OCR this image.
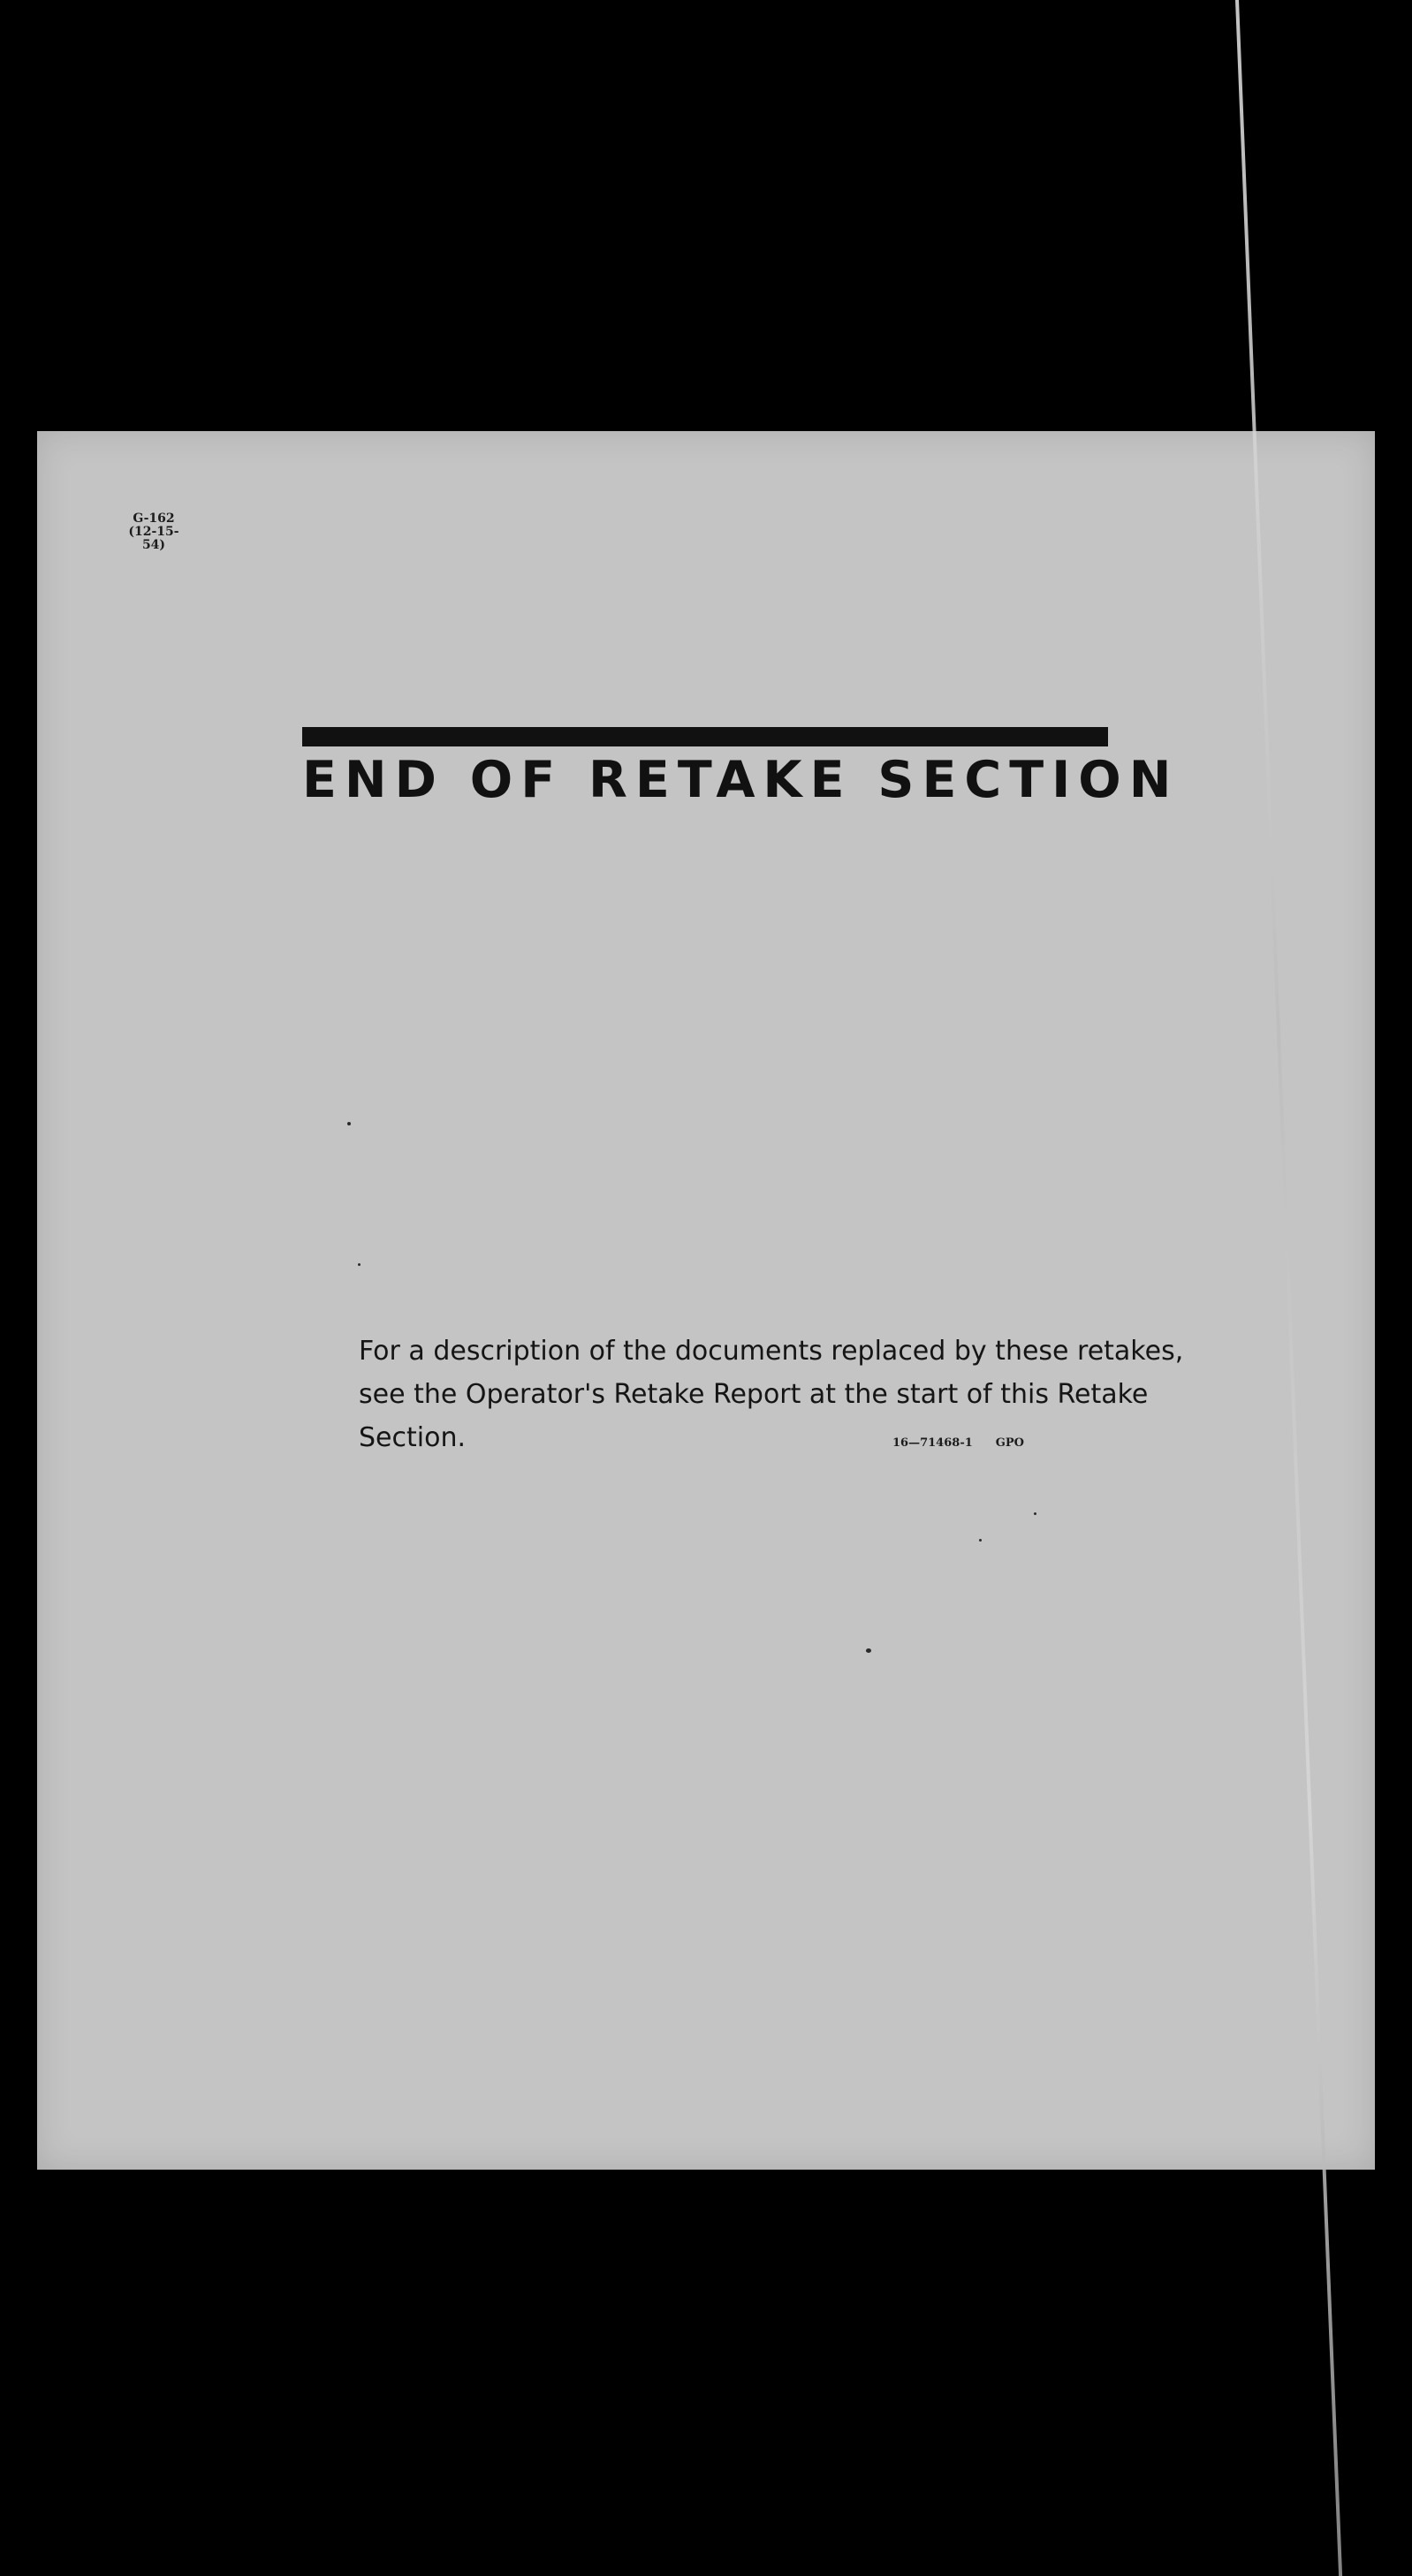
G-162
(12-15-54)
END OF RETAKE SECTION
For a description of the documents replaced by these retakes,
see the Operator's Retake Report at the start of this Retake
Section.	16—71468-1 GPO
